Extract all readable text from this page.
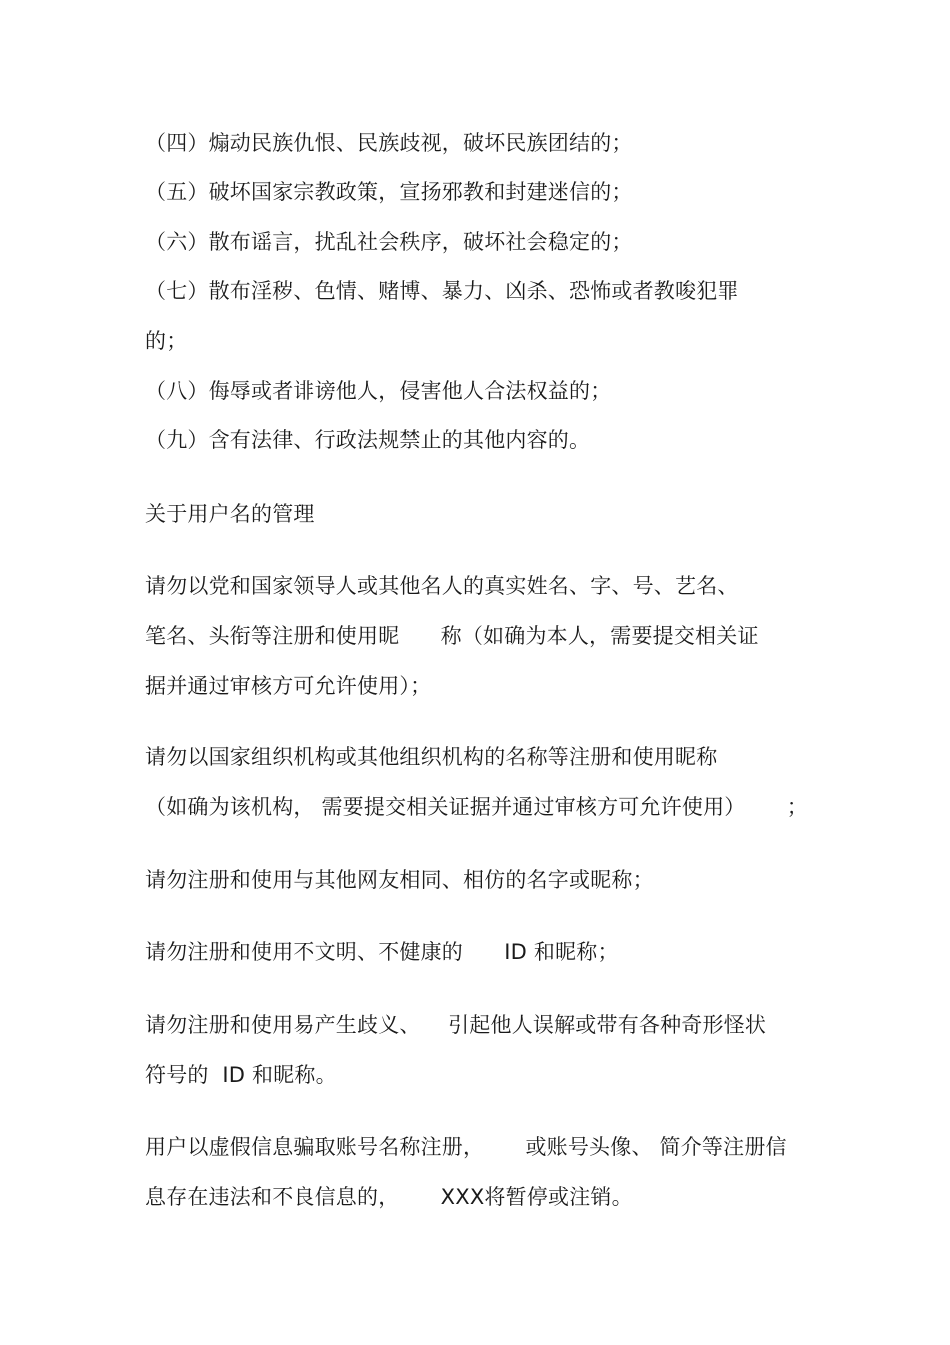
（四）煽动民族仇恨、民族歧视，破坏民族团结的；
（五）破坏国家宗教政策，宣扬邪教和封建迷信的；
（六）散布谣言，扰乱社会秩序，破坏社会稳定的；
（七）散布淫秽、色情、赌博、暴力、凶杀、恐怖或者教唆犯罪
的；
（八）侮辱或者诽谤他人，侵害他人合法权益的；
（九）含有法律、行政法规禁止的其他内容的。
关于用户名的管理
请勿以党和国家领导人或其他名人的真实姓名、字、号、艺名、
笔名、头衔等注册和使用昵      称（如确为本人，需要提交相关证
据并通过审核方可允许使用）；
请勿以国家组织机构或其他组织机构的名称等注册和使用昵称
（如确为该机构， 需要提交相关证据并通过审核方可允许使用）      ；
请勿注册和使用与其他网友相同、相仿的名字或昵称；
请勿注册和使用不文明、不健康的      ID 和昵称；
请勿注册和使用易产生歧义、    引起他人误解或带有各种奇形怪状
符号的  ID 和昵称。
用户以虚假信息骗取账号名称注册，      或账号头像、 简介等注册信
息存在违法和不良信息的，      XXX将暂停或注销。
